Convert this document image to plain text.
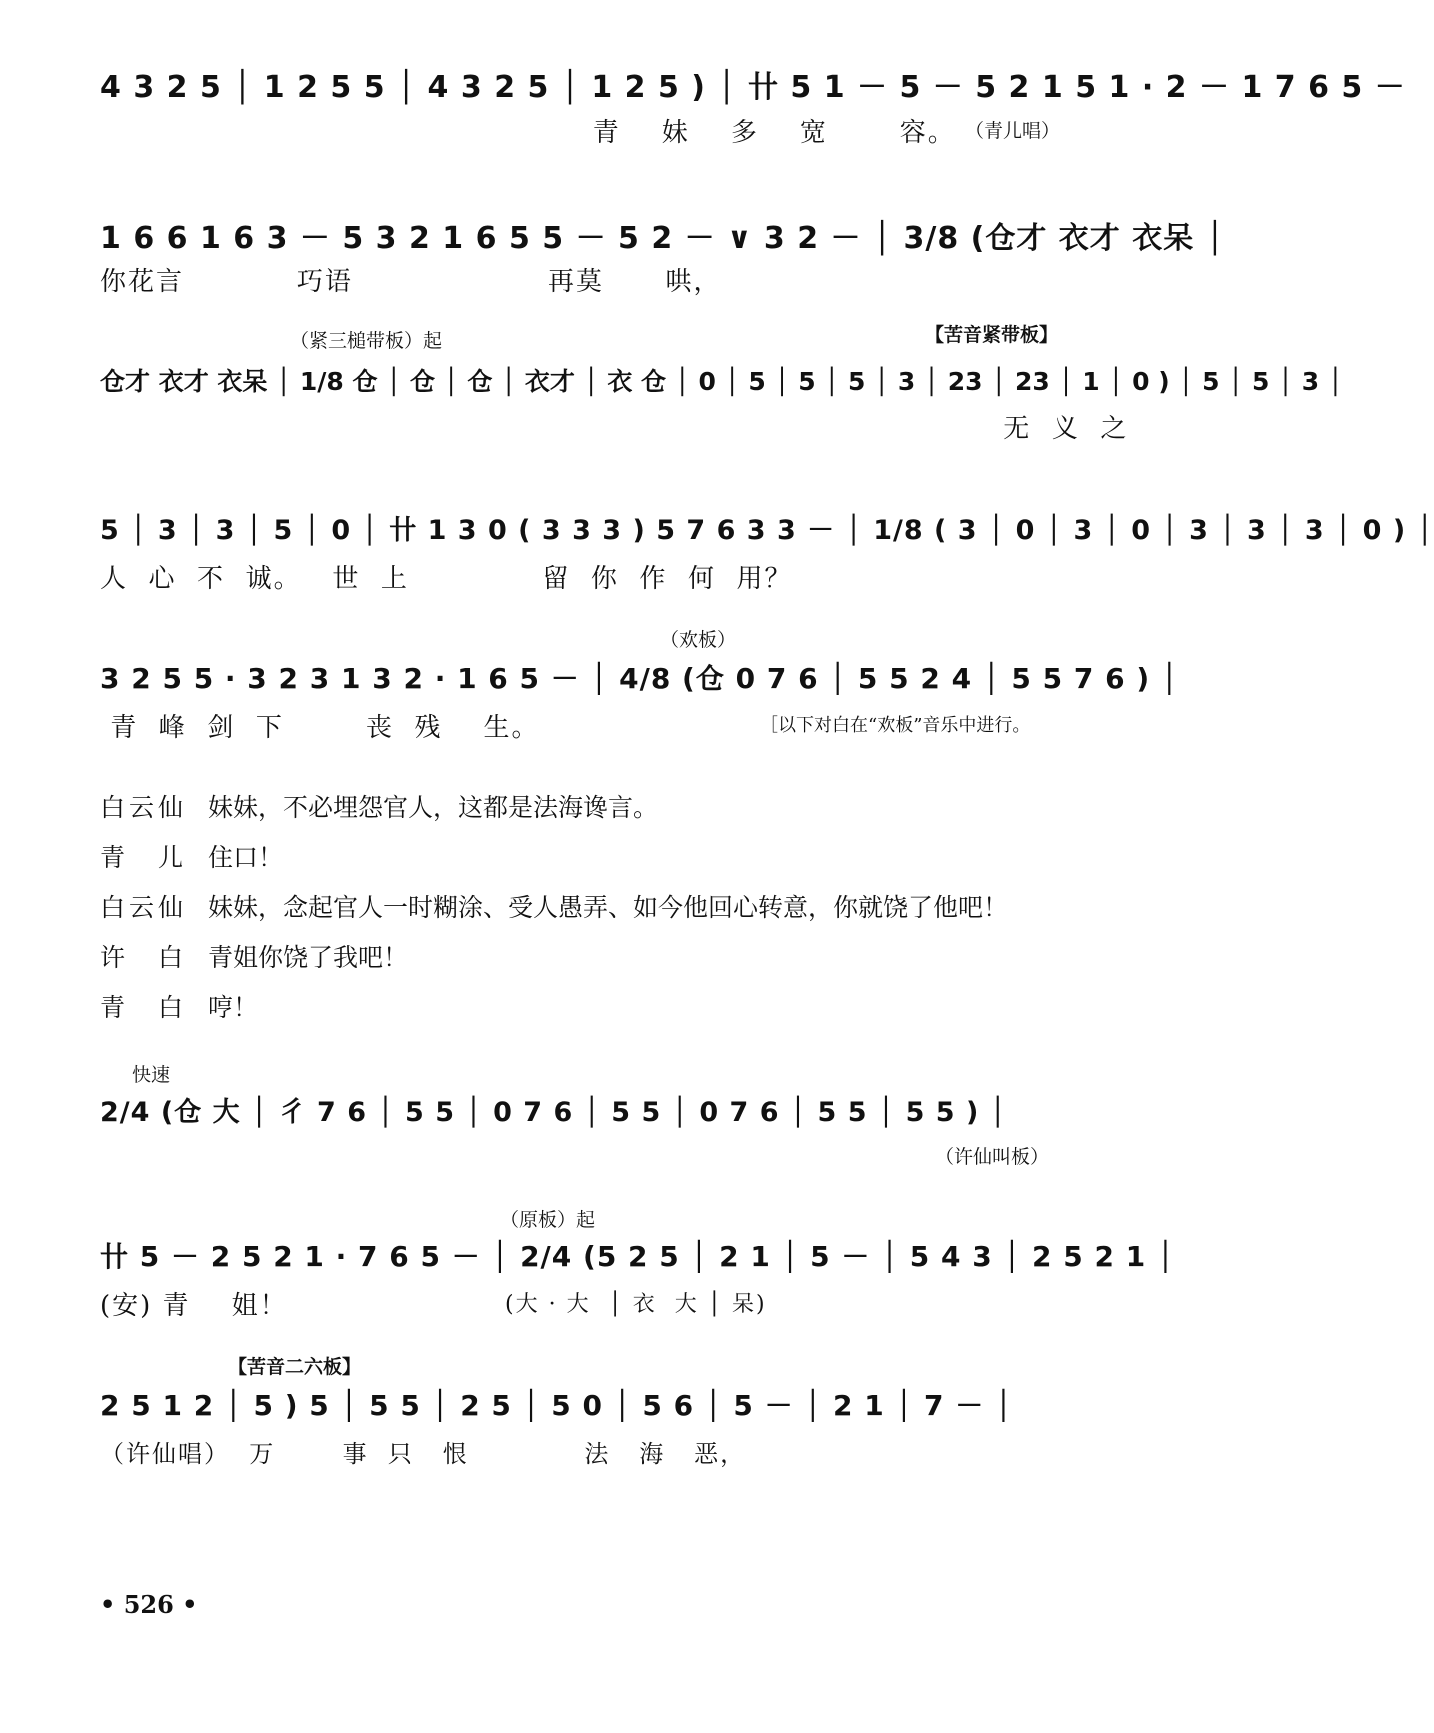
4 3 2 5 │ 1 2 5 5 │ 4 3 2 5 │ 1 2 5 ) │ 卄 5 1 － 5 － 5 2 1 5 1 · 2 － 1 7 6 5 －
青    妹    多    宽       容。 （青儿唱）
1 6 6 1 6 3 － 5 3 2 1 6 5 5 － 5 2 － ∨ 3 2 － │ 3/8 (仓才 衣才 衣呆 │
你花言           巧语                   再莫      哄，
（紧三槌带板）起	【苦音紧带板】
仓才 衣才 衣呆 │ 1/8 仓 │ 仓 │ 仓 │ 衣才 │ 衣 仓 │ 0 │ 5 │ 5 │ 5 │ 3 │ 23 │ 23 │ 1 │ 0 ) │ 5 │ 5 │ 3 │
无  义  之
5 │ 3 │ 3 │ 5 │ 0 │ 卄 1 3 0 ( 3 3 3 ) 5 7 6 3 3 － │ 1/8 ( 3 │ 0 │ 3 │ 0 │ 3 │ 3 │ 3 │ 0 ) │
人  心  不  诚。   世  上             留  你  作  何  用？
（欢板）
3 2 5 5 · 3 2 3 1 3 2 · 1 6 5 － │ 4/8 (仓 0 7 6 │ 5 5 2 4 │ 5 5 7 6 ) │
青  峰  剑  下        丧  残    生。	［以下对白在“欢板”音乐中进行。
白云仙 妹妹，不必埋怨官人，这都是法海谗言。
青　儿 住口！
白云仙 妹妹，念起官人一时糊涂、受人愚弄、如今他回心转意，你就饶了他吧！
许　白 青姐你饶了我吧！
青　白 哼！
快速
2/4 (仓 大 │ 彳 7 6 │ 5 5 │ 0 7 6 │ 5 5 │ 0 7 6 │ 5 5 │ 5 5 ) │
（许仙叫板）
（原板）起
卄 5 － 2 5 2 1 · 7 6 5 － │ 2/4 (5 2 5 │ 2 1 │ 5 － │ 5 4 3 │ 2 5 2 1 │
(安) 青    姐！	(大 · 大  │ 衣  大 │ 呆)
【苦音二六板】
2 5 1 2 │ 5 ) 5 │ 5 5 │ 2 5 │ 5 0 │ 5 6 │ 5 － │ 2 1 │ 7 － │
（许仙唱）  万       事  只   恨            法   海   恶，
• 526 •
